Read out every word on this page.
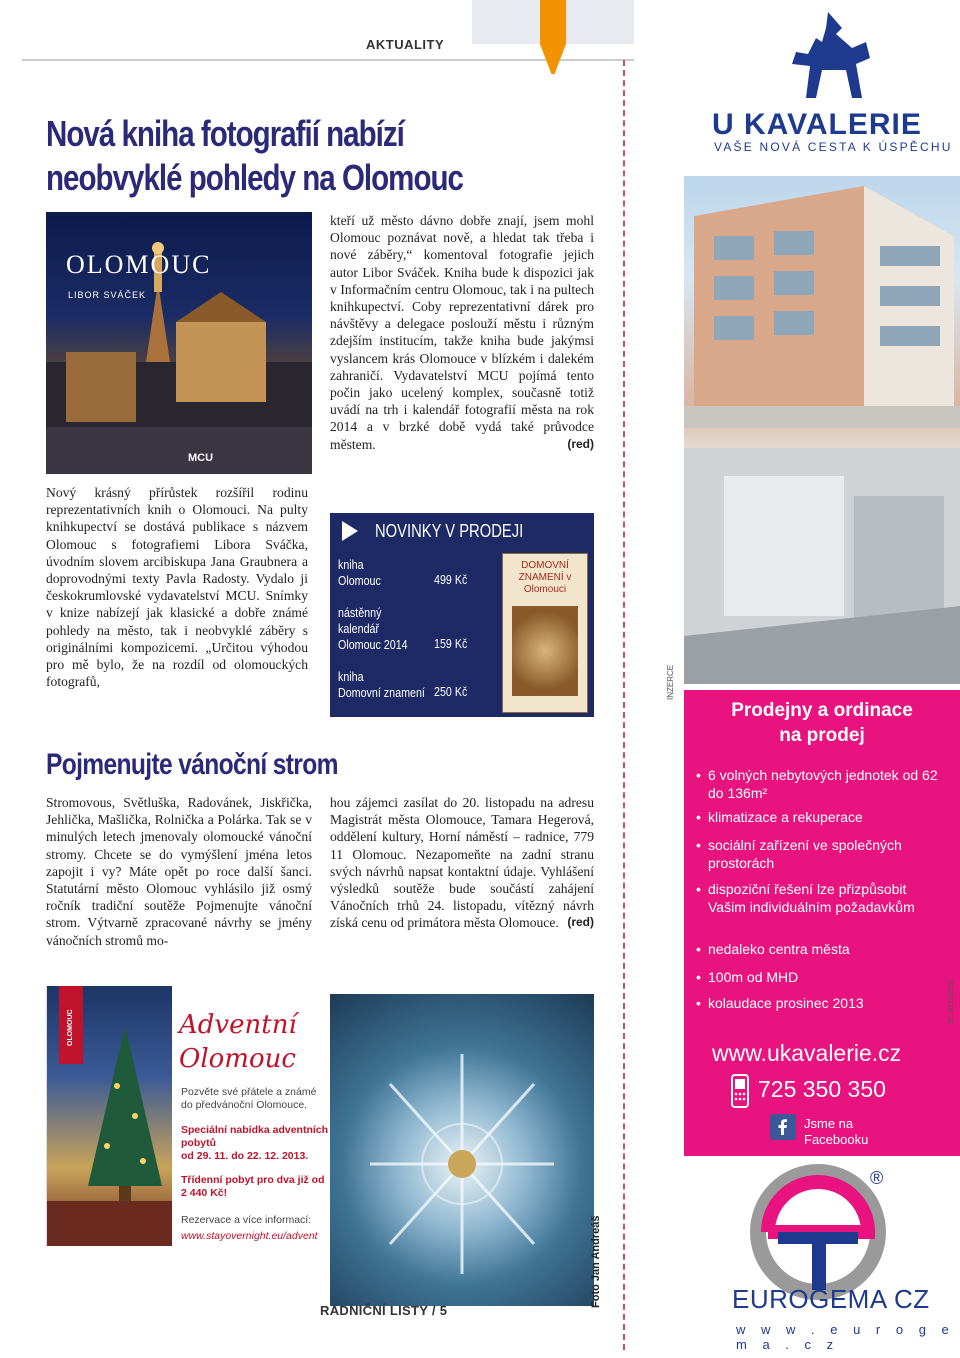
AKTUALITY
Nová kniha fotografií nabízí
neobvyklé pohledy na Olomouc
OLOMOUC
LIBOR SVÁČEK
MCU
Nový krásný přírůstek rozšířil rodinu reprezentativních knih o Olomouci. Na pulty knihkupectví se dostává publikace s názvem Olomouc s fotografiemi Libora Sváčka, úvodním slovem arcibiskupa Jana Graubnera a doprovodnými texty Pavla Radosty. Vydalo ji českokrumlovské vydavatelství MCU. Snímky v knize nabízejí jak klasické a dobře známé pohledy na město, tak i neobvyklé záběry s originálními kompozicemi. „Určitou výhodou pro mě bylo, že na rozdíl od olomouckých fotografů,
kteří už město dávno dobře znají, jsem mohl Olomouc poznávat nově, a hledat tak třeba i nové záběry,“ komentoval fotografie jejich autor Libor Sváček. Kniha bude k dispozici jak v Informačním centru Olomouc, tak i na pultech knihkupectví. Coby reprezentativní dárek pro návštěvy a delegace poslouží městu i různým zdejším institucím, takže kniha bude jakýmsi vyslancem krás Olomouce v blízkém i dalekém zahraničí. Vydavatelství MCU pojímá tento počin jako ucelený komplex, současně totiž uvádí na trh i kalendář fotografií města na rok 2014 a v brzké době vydá také průvodce městem.	(red)
NOVINKY V PRODEJI
kniha
Olomouc	499 Kč
nástěnný
kalendář
Olomouc 2014 159 Kč
kniha
Domovní znamení 250 Kč
DOMOVNÍ ZNAMENÍ v Olomouci
Pojmenujte vánoční strom
Stromovous, Světluška, Radovánek, Jiskřička, Jehlička, Mašlička, Rolnička a Polárka. Tak se v minulých letech jmenovaly olomoucké vánoční stromy. Chcete se do vymýšlení jména letos zapojit i vy? Máte opět po roce další šanci. Statutární město Olomouc vyhlásilo již osmý ročník tradiční soutěže Pojmenujte vánoční strom. Výtvarně zpracované návrhy se jmény vánočních stromů mo-
hou zájemci zasílat do 20. listopadu na adresu Magistrát města Olomouce, Tamara Hegerová, oddělení kultury, Horní náměstí – radnice, 779 11 Olomouc. Nezapomeňte na zadní stranu svých návrhů napsat kontaktní údaje. Vyhlášení výsledků soutěže bude součástí zahájení Vánočních trhů 24. listopadu, vítězný návrh získá cenu od primátora města Olomouce. (red)
OLOMOUC	Adventní
Olomouc
Pozvěte své přátele a známé do předvánoční Olomouce.
Speciální nabídka adventních pobytů
od 29. 11. do 22. 12. 2013.
Třídenní pobyt pro dva již od 2 440 Kč!
Rezervace a více informací:
www.stayovernight.eu/advent	Foto Jan Andreáš
RADNIČNÍ LISTY / 5
U KAVALERIE
VAŠE NOVÁ CESTA K ÚSPĚCHU
INZERCE
Prodejny a ordinace
na prodej
• 6 volných nebytových jednotek od 62 do 136m²
• klimatizace a rekuperace
• sociální zařízení ve společných prostorách
• dispoziční řešení lze přizpůsobit Vašim individuálním požadavkům
• nedaleko centra města
• 100m od MHD
• kolaudace prosinec 2013	SC-321182/10
www.ukavalerie.cz
725 350 350
Jsme na
Facebooku
®
EUROGEMA CZ
w w w . e u r o g e m a . c z
